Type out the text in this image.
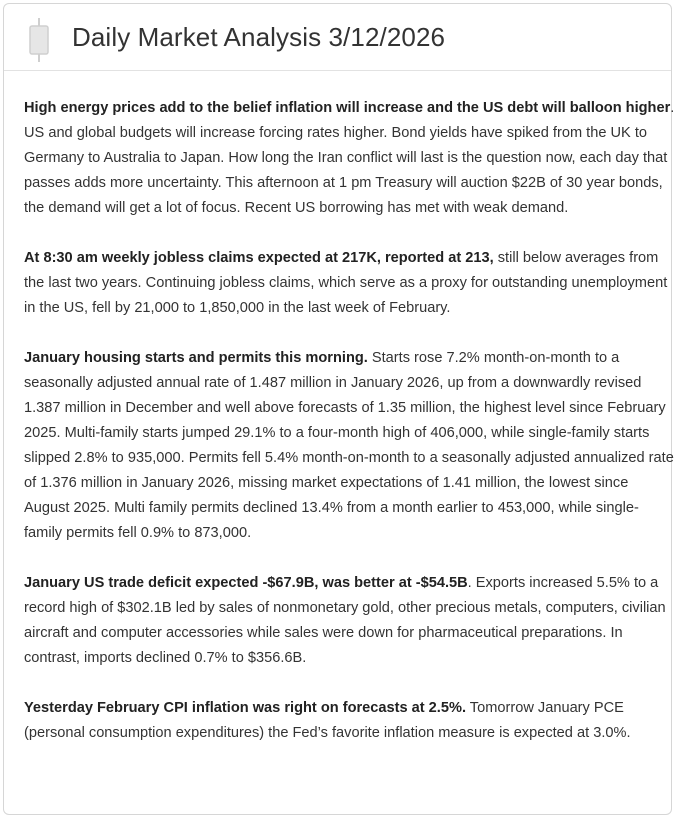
Daily Market Analysis 3/12/2026

High energy prices add to the belief inflation will increase and the US debt will balloon higher. US and global budgets will increase forcing rates higher. Bond yields have spiked from the UK to Germany to Australia to Japan. How long the Iran conflict will last is the question now, each day that passes adds more uncertainty. This afternoon at 1 pm Treasury will auction $22B of 30 year bonds, the demand will get a lot of focus. Recent US borrowing has met with weak demand.

At 8:30 am weekly jobless claims expected at 217K, reported at 213, still below averages from the last two years. Continuing jobless claims, which serve as a proxy for outstanding unemployment in the US, fell by 21,000 to 1,850,000 in the last week of February.

January housing starts and permits this morning. Starts rose 7.2% month-on-month to a seasonally adjusted annual rate of 1.487 million in January 2026, up from a downwardly revised 1.387 million in December and well above forecasts of 1.35 million, the highest level since February 2025. Multi-family starts jumped 29.1% to a four-month high of 406,000, while single-family starts slipped 2.8% to 935,000. Permits fell 5.4% month-on-month to a seasonally adjusted annualized rate of 1.376 million in January 2026, missing market expectations of 1.41 million, the lowest since August 2025. Multi family permits declined 13.4% from a month earlier to 453,000, while single-family permits fell 0.9% to 873,000.

January US trade deficit expected -$67.9B, was better at -$54.5B. Exports increased 5.5% to a record high of $302.1B led by sales of nonmonetary gold, other precious metals, computers, civilian aircraft and computer accessories while sales were down for pharmaceutical preparations. In contrast, imports declined 0.7% to $356.6B.

Yesterday February CPI inflation was right on forecasts at 2.5%. Tomorrow January PCE (personal consumption expenditures) the Fed’s favorite inflation measure is expected at 3.0%.
